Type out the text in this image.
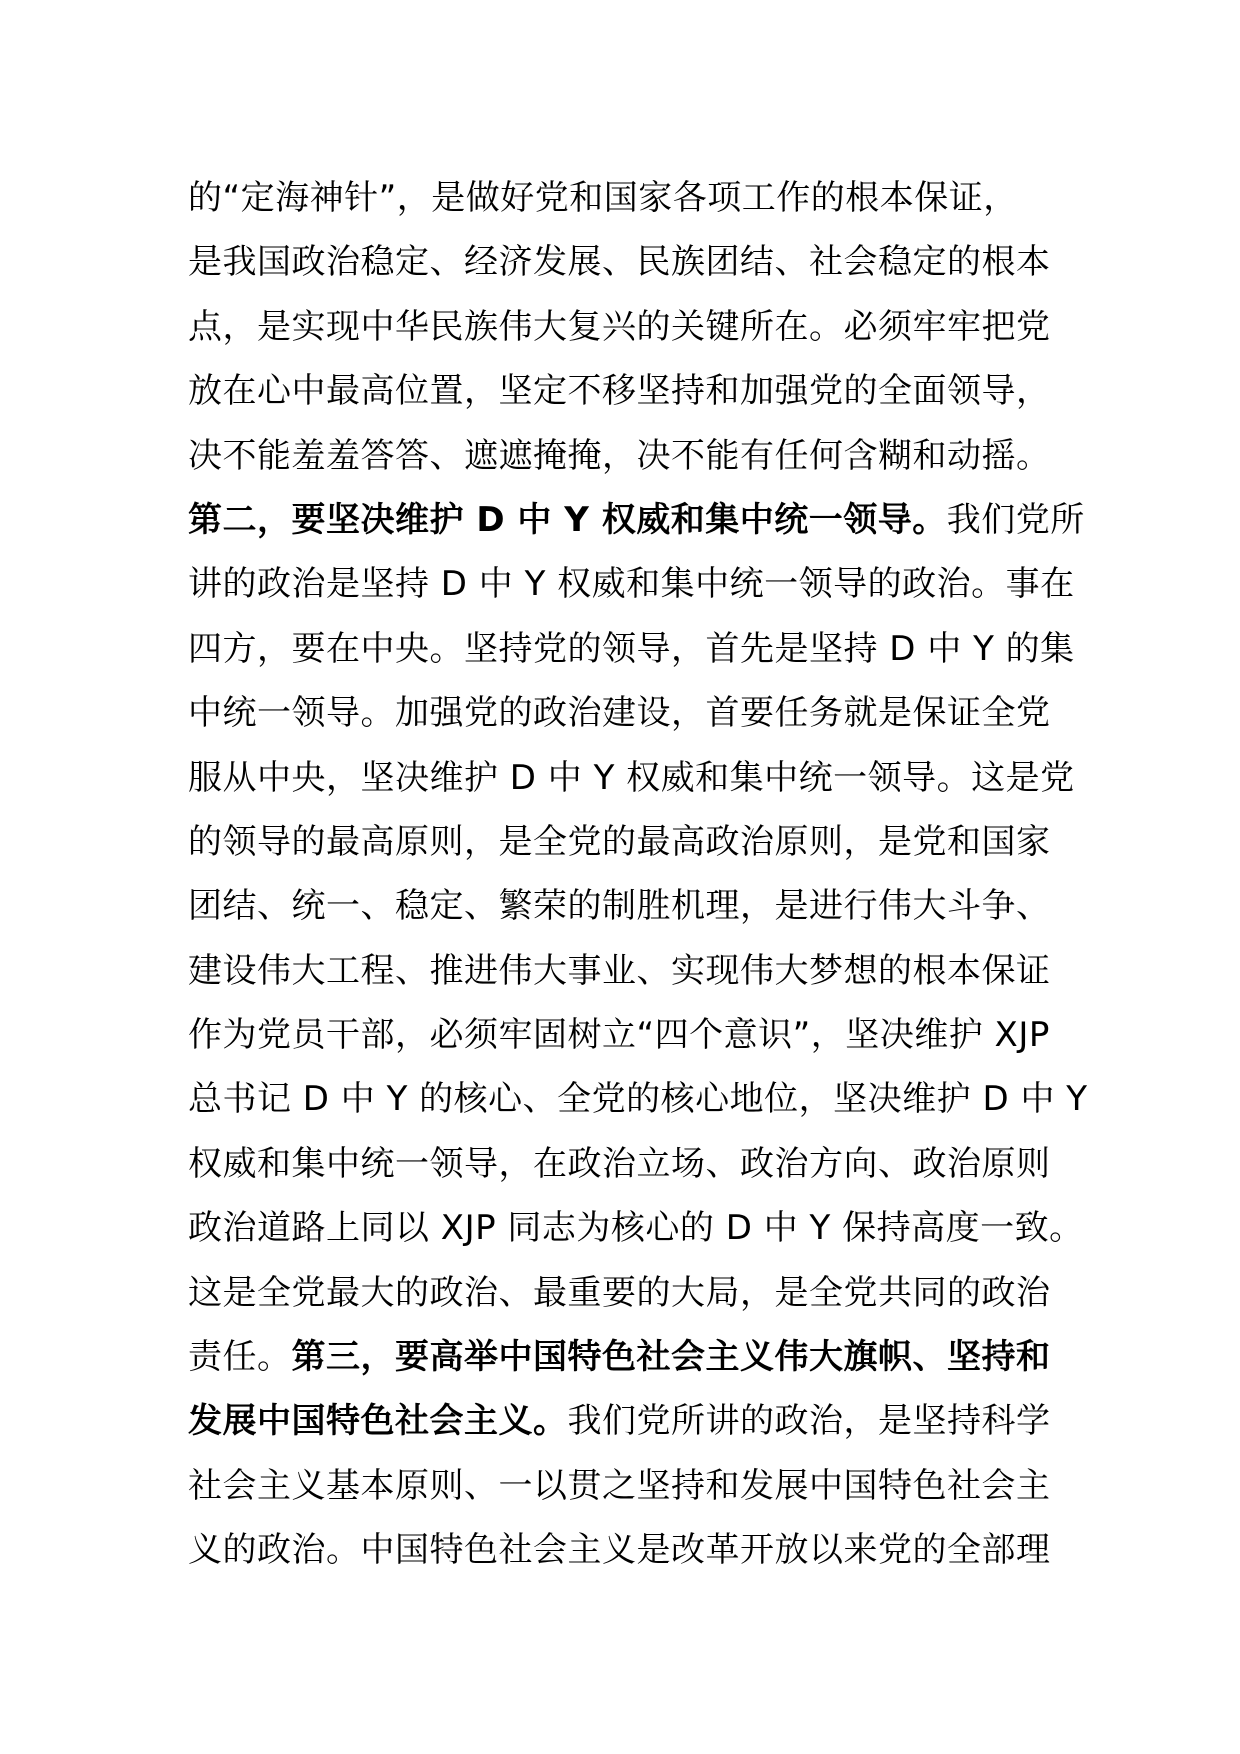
的“定海神针”，是做好党和国家各项工作的根本保证，
是我国政治稳定、经济发展、民族团结、社会稳定的根本
点，是实现中华民族伟大复兴的关键所在。必须牢牢把党
放在心中最高位置，坚定不移坚持和加强党的全面领导，
决不能羞羞答答、遮遮掩掩，决不能有任何含糊和动摇。
第二，要坚决维护 D 中 Y 权威和集中统一领导。我们党所
讲的政治是坚持 D 中 Y 权威和集中统一领导的政治。事在
四方，要在中央。坚持党的领导，首先是坚持 D 中 Y 的集
中统一领导。加强党的政治建设，首要任务就是保证全党
服从中央，坚决维护 D 中 Y 权威和集中统一领导。这是党
的领导的最高原则，是全党的最高政治原则，是党和国家
团结、统一、稳定、繁荣的制胜机理，是进行伟大斗争、
建设伟大工程、推进伟大事业、实现伟大梦想的根本保证
作为党员干部，必须牢固树立“四个意识”，坚决维护 XJP
总书记 D 中 Y 的核心、全党的核心地位，坚决维护 D 中 Y
权威和集中统一领导，在政治立场、政治方向、政治原则
政治道路上同以 XJP 同志为核心的 D 中 Y 保持高度一致。
这是全党最大的政治、最重要的大局，是全党共同的政治
责任。第三，要高举中国特色社会主义伟大旗帜、坚持和
发展中国特色社会主义。我们党所讲的政治，是坚持科学
社会主义基本原则、一以贯之坚持和发展中国特色社会主
义的政治。中国特色社会主义是改革开放以来党的全部理
